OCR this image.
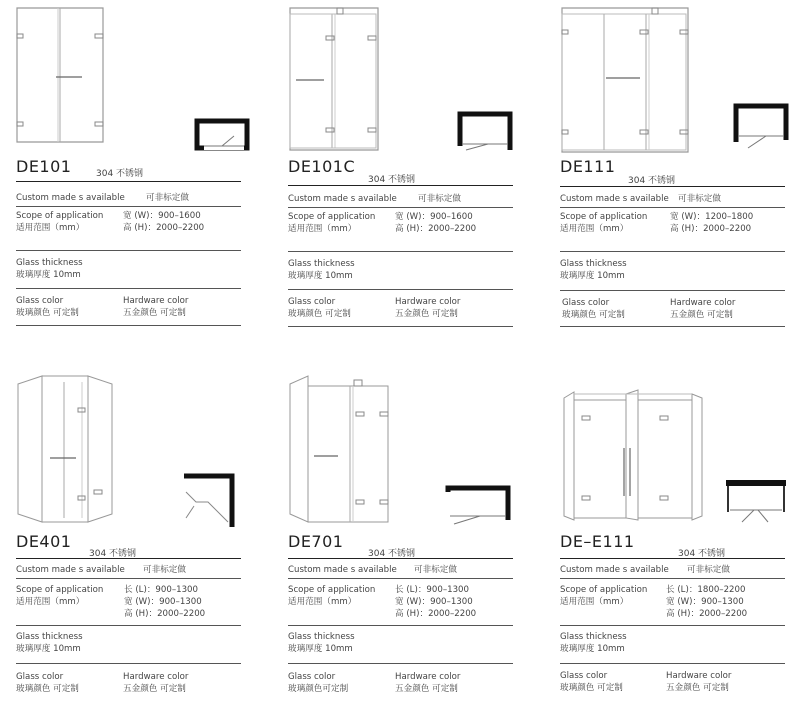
DE101	304 不锈钢
Custom made s available 可非标定做
Scope of application
适用范围（mm）
宽 (W)：900–1600
高 (H)：2000–2200
Glass thickness
玻璃厚度 10mm
Glass color
玻璃颜色 可定制
Hardware color
五金颜色 可定制
DE101C
304 不锈钢
Custom made s available 可非标定做
Scope of application
适用范围（mm）
宽 (W)：900–1600
高 (H)：2000–2200
Glass thickness
玻璃厚度 10mm
Glass color
玻璃颜色 可定制
Hardware color
五金颜色 可定制
DE111
304 不锈钢
Custom made s available 可非标定做
Scope of application
适用范围（mm）
宽 (W)：1200–1800
高 (H)：2000–2200
Glass thickness
玻璃厚度 10mm
Glass color
玻璃颜色 可定制
Hardware color
五金颜色 可定制
DE401
304 不锈钢
Custom made s available 可非标定做
Scope of application
适用范围（mm）
长 (L)：900–1300
宽 (W)：900–1300
高 (H)：2000–2200
Glass thickness
玻璃厚度 10mm
Glass color
玻璃颜色 可定制
Hardware color
五金颜色 可定制
DE701
304 不锈钢
Custom made s available 可非标定做
Scope of application
适用范围（mm）
长 (L)：900–1300
宽 (W)：900–1300
高 (H)：2000–2200
Glass thickness
玻璃厚度 10mm
Glass color
玻璃颜色可定制
Hardware color
五金颜色 可定制
DE–E111
304 不锈钢
Custom made s available 可非标定做
Scope of application
适用范围（mm）
长 (L)：1800–2200
宽 (W)：900–1300
高 (H)：2000–2200
Glass thickness
玻璃厚度 10mm
Glass color
玻璃颜色 可定制
Hardware color
五金颜色 可定制
